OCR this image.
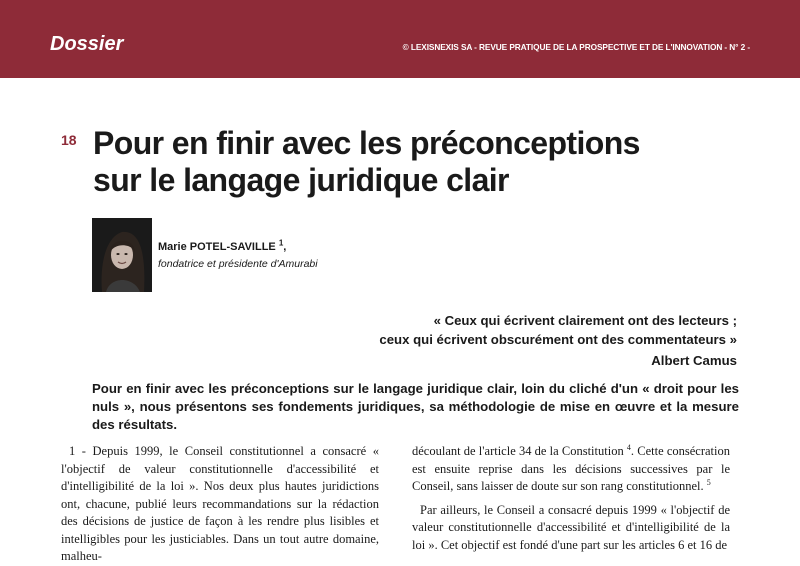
Dossier	© LEXISNEXIS SA - REVUE PRATIQUE DE LA PROSPECTIVE ET DE L'INNOVATION - N° 2 -
18 Pour en finir avec les préconceptions
sur le langage juridique clair
Marie POTEL-SAVILLE $^1$,
fondatrice et présidente d'Amurabi
« Ceux qui écrivent clairement ont des lecteurs ;
ceux qui écrivent obscurément ont des commentateurs »
Albert Camus

Pour en finir avec les préconceptions sur le langage juridique clair, loin du cliché d'un « droit pour les nuls », nous présentons ses fondements juridiques, sa méthodologie de mise en œuvre et la mesure des résultats.

1 - Depuis 1999, le Conseil constitutionnel a consacré « l'objectif de valeur constitutionnelle d'accessibilité et d'intelligibilité de la loi ». Nos deux plus hautes juridictions ont, chacune, publié leurs recommandations sur la rédaction des décisions de justice de façon à les rendre plus lisibles et intelligibles pour les justiciables. Dans un tout autre domaine, malheu-

découlant de l'article 34 de la Constitution $^4$. Cette consécration est ensuite reprise dans les décisions successives par le Conseil, sans laisser de doute sur son rang constitutionnel. $^5$

Par ailleurs, le Conseil a consacré depuis 1999 « l'objectif de valeur constitutionnelle d'accessibilité et d'intelligibilité de la loi ». Cet objectif est fondé d'une part sur les articles 6 et 16 de
